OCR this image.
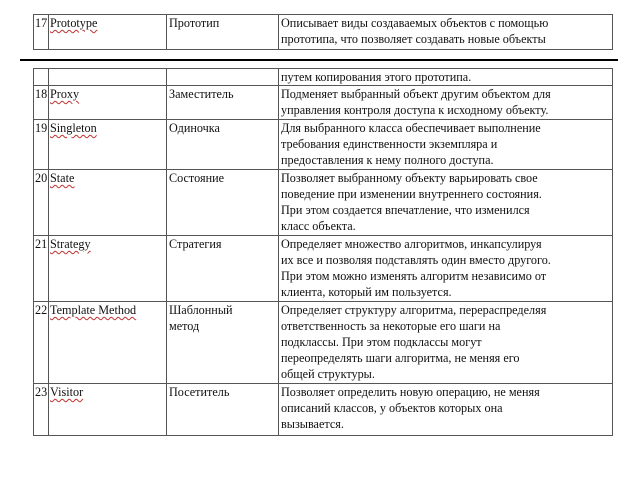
17	Prototype	Прототип	Описывает виды создаваемых объектов с помощью
прототипа, что позволяет создавать новые объекты
			путем копирования этого прототипа.
18	Proxy	Заместитель	Подменяет выбранный объект другим объектом для
управления контроля доступа к исходному объекту.
19	Singleton	Одиночка	Для выбранного класса обеспечивает выполнение
требования единственности экземпляра и
предоставления к нему полного доступа.
20	State	Состояние	Позволяет выбранному объекту варьировать свое
поведение при изменении внутреннего состояния.
При этом создается впечатление, что изменился
класс объекта.
21	Strategy	Стратегия	Определяет множество алгоритмов, инкапсулируя
их все и позволяя подставлять один вместо другого.
При этом можно изменять алгоритм независимо от
клиента, который им пользуется.
22	Template Method	Шаблонный
метод	Определяет структуру алгоритма, перераспределяя
ответственность за некоторые его шаги на
подклассы. При этом подклассы могут
переопределять шаги алгоритма, не меняя его
общей структуры.
23	Visitor	Посетитель	Позволяет определить новую операцию, не меняя
описаний классов, у объектов которых она
вызывается.
